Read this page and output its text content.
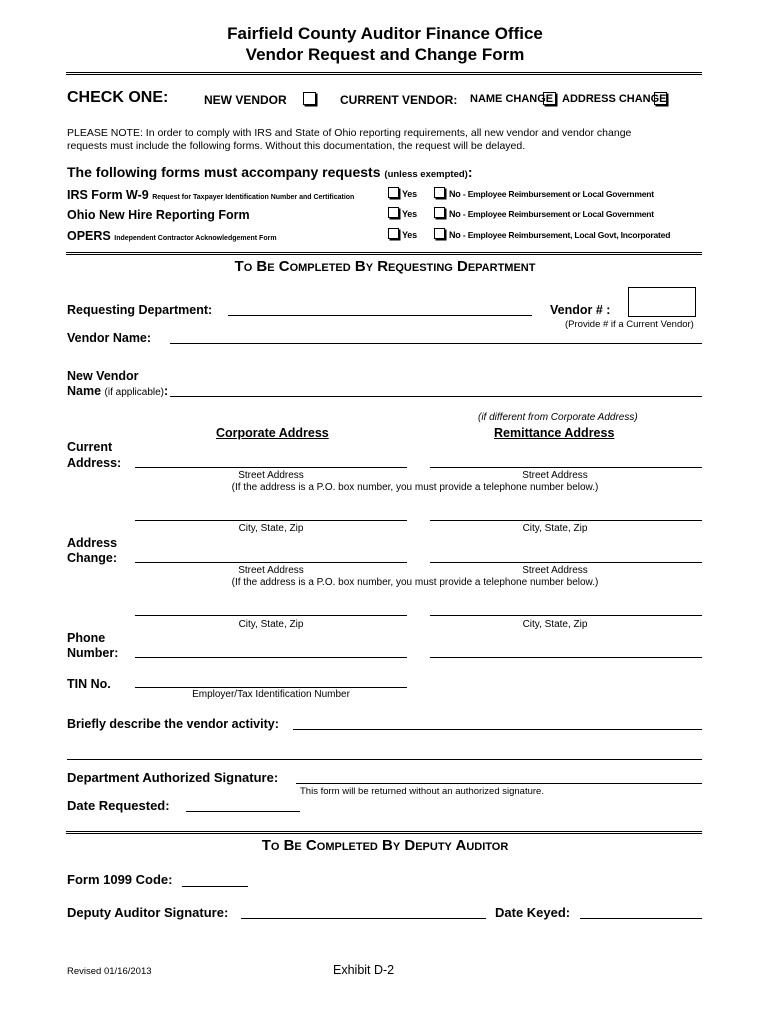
Fairfield County Auditor Finance Office
Vendor Request and Change Form
CHECK ONE:	NEW VENDOR	CURRENT VENDOR: NAME CHANGE ADDRESS CHANGE
PLEASE NOTE: In order to comply with IRS and State of Ohio reporting requirements, all new vendor and vendor change
requests must include the following forms. Without this documentation, the request will be delayed.
The following forms must accompany requests (unless exempted):
IRS Form W-9 Request for Taxpayer Identification Number and Certification	Yes	No - Employee Reimbursement or Local Government
Ohio New Hire Reporting Form	Yes	No - Employee Reimbursement or Local Government
OPERS Independent Contractor Acknowledgement Form	Yes	No - Employee Reimbursement, Local Govt, Incorporated
To Be Completed By Requesting Department
Requesting Department:	Vendor # :
(Provide # if a Current Vendor)
Vendor Name:
New Vendor
Name (if applicable):
(if different from Corporate Address)
Corporate Address	Remittance Address
Current
Address:
Street Address	Street Address
(If the address is a P.O. box number, you must provide a telephone number below.)
City, State, Zip	City, State, Zip
Address
Change:
Street Address	Street Address
(If the address is a P.O. box number, you must provide a telephone number below.)
City, State, Zip	City, State, Zip
Phone
Number:
TIN No.
Employer/Tax Identification Number
Briefly describe the vendor activity:
Department Authorized Signature:
This form will be returned without an authorized signature.
Date Requested:
To Be Completed By Deputy Auditor
Form 1099 Code:
Deputy Auditor Signature:	Date Keyed:
Revised 01/16/2013	Exhibit D-2
